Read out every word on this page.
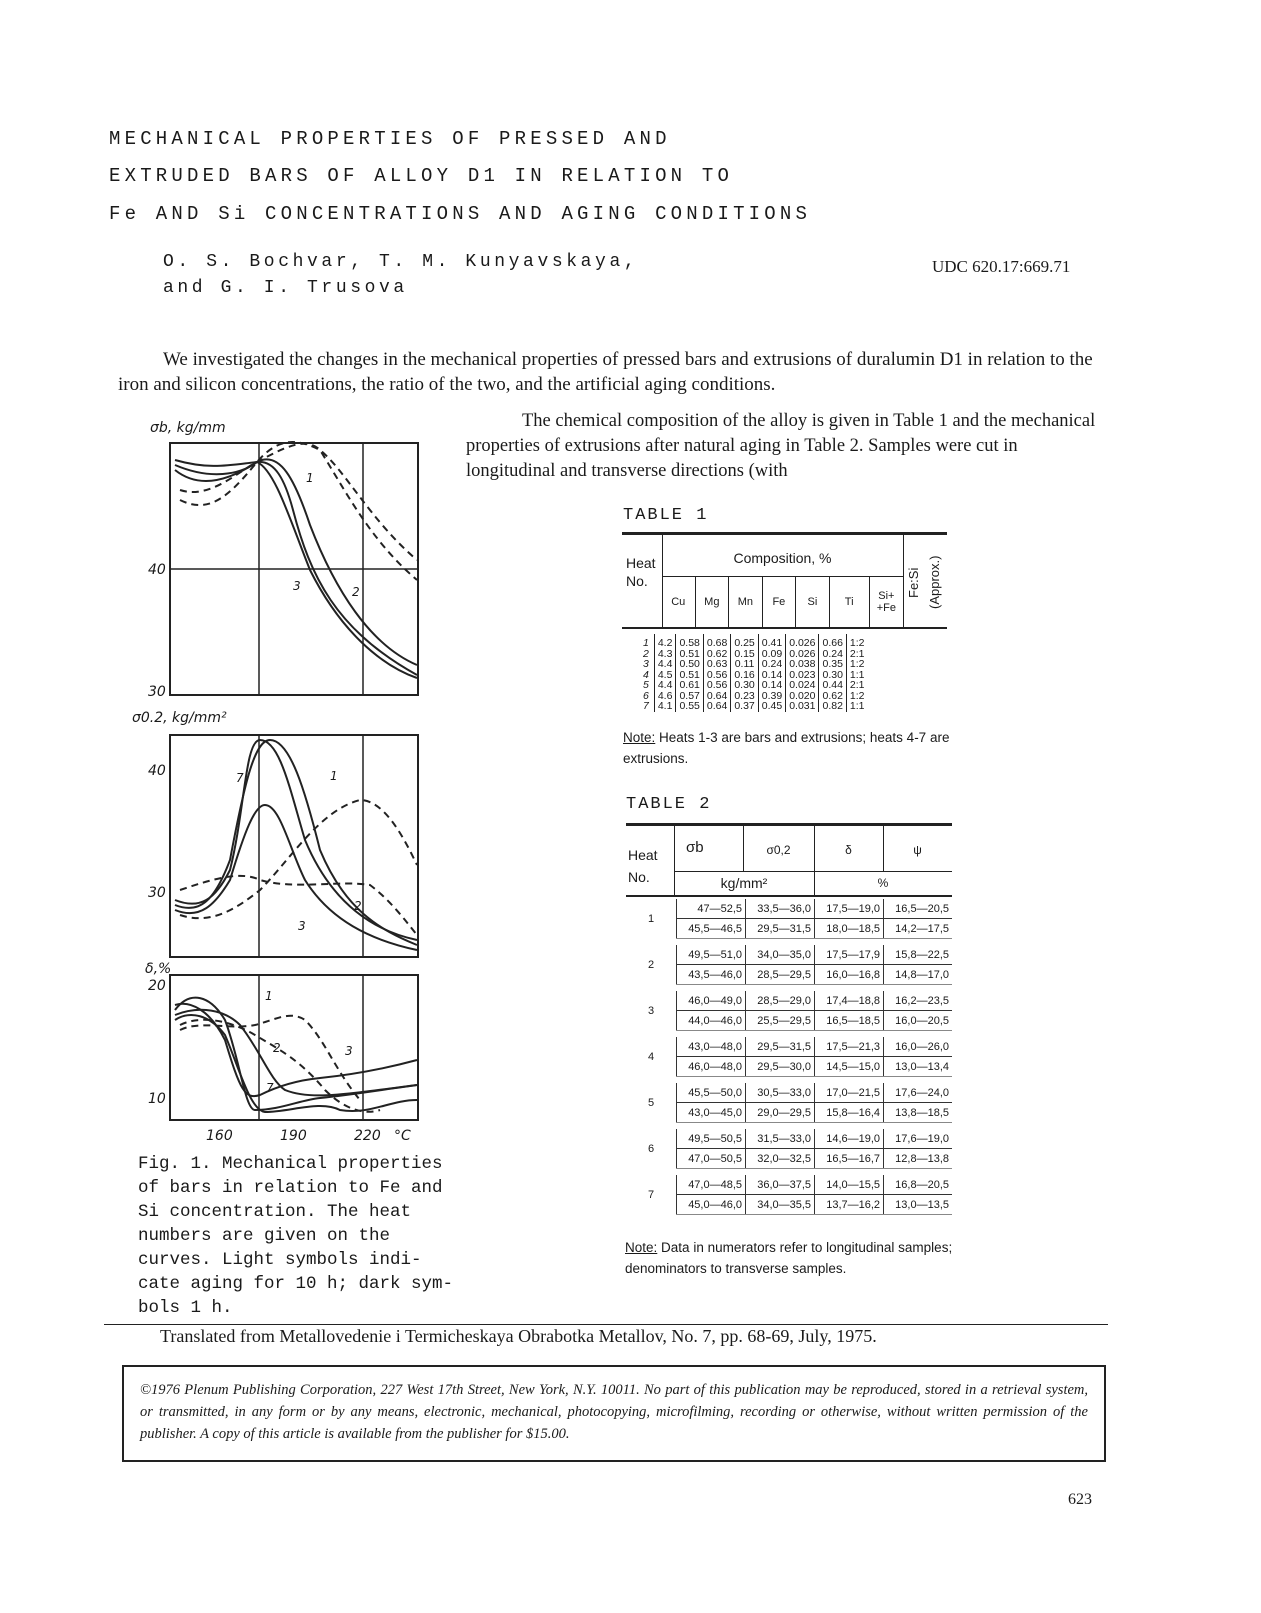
MECHANICAL PROPERTIES OF PRESSED AND
EXTRUDED BARS OF ALLOY D1 IN RELATION TO
Fe AND Si CONCENTRATIONS AND AGING CONDITIONS
O. S. Bochvar, T. M. Kunyavskaya,
and G. I. Trusova
UDC 620.17:669.71
We investigated the changes in the mechanical properties of pressed bars and extrusions of duralumin D1 in relation to the iron and silicon concentrations, the ratio of the two, and the artificial aging conditions.
The chemical composition of the alloy is given in Table 1 and the mechanical properties of extrusions after natural aging in Table 2. Samples were cut in longitudinal and transverse directions (with
σb, kg/mm
40
30
1
2
3
σ0.2, kg/mm²
40
30
7	1
2
3
δ,%
20
10
1
2	3
7
160	190	220 °C
Fig. 1. Mechanical properties
of bars in relation to Fe and
Si concentration. The heat
numbers are given on the
curves. Light symbols indi-
cate aging for 10 h; dark sym-
bols 1 h.
TABLE 1
Heat No.
Composition, %
Fe:Si (Approx.)
Cu	Mg	Mn	Fe	Si	Ti	Si+ +Fe
1	4.2	0.58	0.68	0.25	0.41	0.026	0.66	1:2
2	4.3	0.51	0.62	0.15	0.09	0.026	0.24	2:1
3	4.4	0.50	0.63	0.11	0.24	0.038	0.35	1:2
4	4.5	0.51	0.56	0.16	0.14	0.023	0.30	1:1
5	4.4	0.61	0.56	0.30	0.14	0.024	0.44	2:1
6	4.6	0.57	0.64	0.23	0.39	0.020	0.62	1:2
7	4.1	0.55	0.64	0.37	0.45	0.031	0.82	1:1
Note: Heats 1-3 are bars and extrusions; heats 4-7 are extrusions.
TABLE 2
Heat No.
σb	σ0,2	δ	ψ
kg/mm²	%
1	47—52,5	33,5—36,0	17,5—19,0	16,5—20,5
	45,5—46,5	29,5—31,5	18,0—18,5	14,2—17,5

2	49,5—51,0	34,0—35,0	17,5—17,9	15,8—22,5
	43,5—46,0	28,5—29,5	16,0—16,8	14,8—17,0

3	46,0—49,0	28,5—29,0	17,4—18,8	16,2—23,5
	44,0—46,0	25,5—29,5	16,5—18,5	16,0—20,5

4	43,0—48,0	29,5—31,5	17,5—21,3	16,0—26,0
	46,0—48,0	29,5—30,0	14,5—15,0	13,0—13,4

5	45,5—50,0	30,5—33,0	17,0—21,5	17,6—24,0
	43,0—45,0	29,0—29,5	15,8—16,4	13,8—18,5

6	49,5—50,5	31,5—33,0	14,6—19,0	17,6—19,0
	47,0—50,5	32,0—32,5	16,5—16,7	12,8—13,8

7	47,0—48,5	36,0—37,5	14,0—15,5	16,8—20,5
	45,0—46,0	34,0—35,5	13,7—16,2	13,0—13,5
Note: Data in numerators refer to longitudinal samples; denominators to transverse samples.
Translated from Metallovedenie i Termicheskaya Obrabotka Metallov, No. 7, pp. 68-69, July, 1975.
©1976 Plenum Publishing Corporation, 227 West 17th Street, New York, N.Y. 10011. No part of this publication may be reproduced, stored in a retrieval system, or transmitted, in any form or by any means, electronic, mechanical, photocopying, microfilming, recording or otherwise, without written permission of the publisher. A copy of this article is available from the publisher for $15.00.
623
